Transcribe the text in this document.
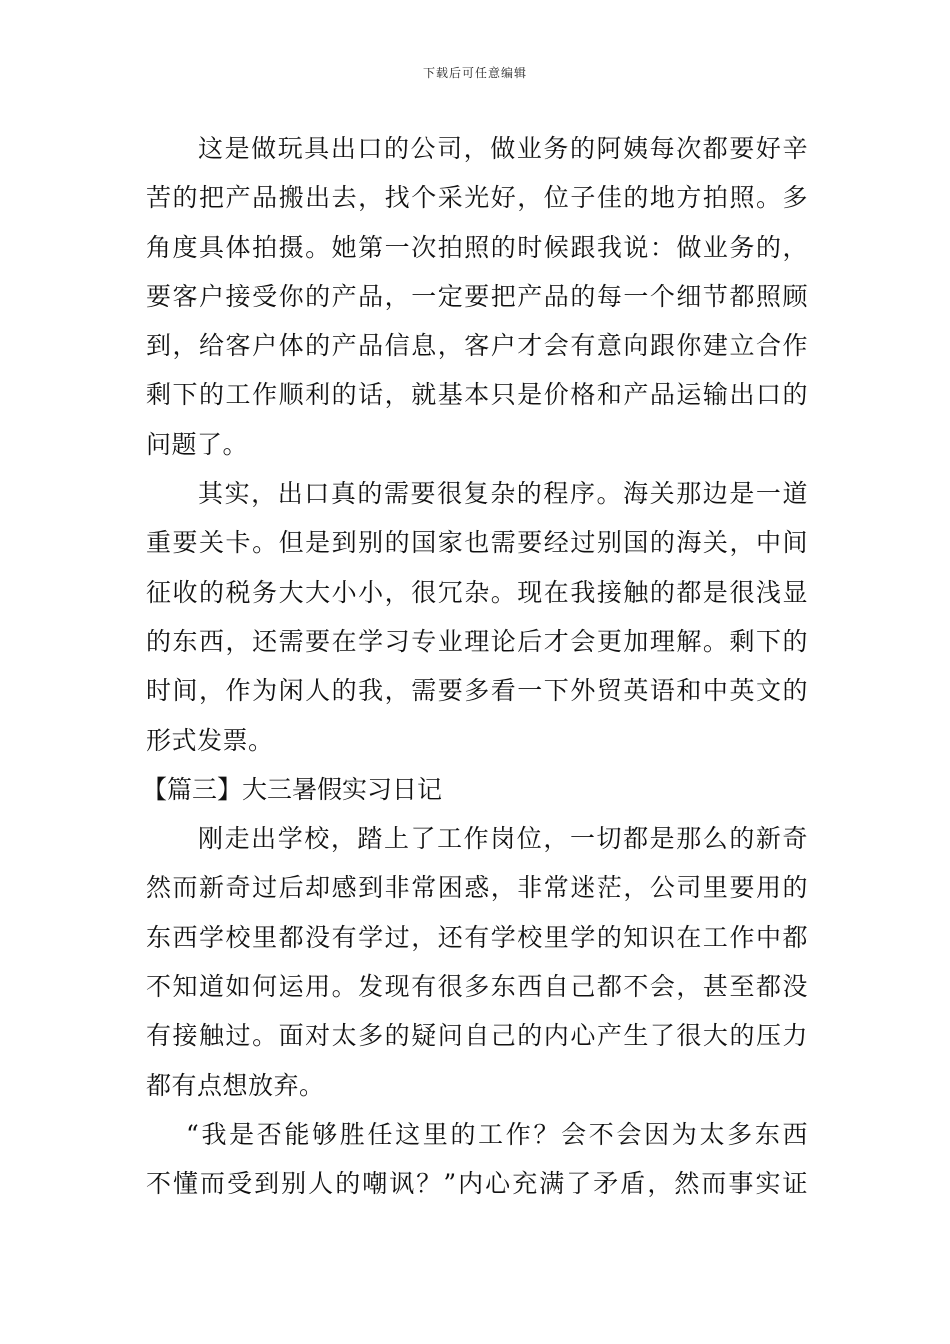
下载后可任意编辑
这是做玩具出口的公司，做业务的阿姨每次都要好辛
苦的把产品搬出去，找个采光好，位子佳的地方拍照。多
角度具体拍摄。她第一次拍照的时候跟我说：做业务的，
要客户接受你的产品，一定要把产品的每一个细节都照顾
到，给客户体的产品信息，客户才会有意向跟你建立合作
剩下的工作顺利的话，就基本只是价格和产品运输出口的
问题了。
其实，出口真的需要很复杂的程序。海关那边是一道
重要关卡。但是到别的国家也需要经过别国的海关，中间
征收的税务大大小小，很冗杂。现在我接触的都是很浅显
的东西，还需要在学习专业理论后才会更加理解。剩下的
时间，作为闲人的我，需要多看一下外贸英语和中英文的
形式发票。
【篇三】大三暑假实习日记
刚走出学校，踏上了工作岗位，一切都是那么的新奇
然而新奇过后却感到非常困惑，非常迷茫，公司里要用的
东西学校里都没有学过，还有学校里学的知识在工作中都
不知道如何运用。发现有很多东西自己都不会，甚至都没
有接触过。面对太多的疑问自己的内心产生了很大的压力
都有点想放弃。
“我是否能够胜任这里的工作？会不会因为太多东西
不懂而受到别人的嘲讽？”内心充满了矛盾，然而事实证
